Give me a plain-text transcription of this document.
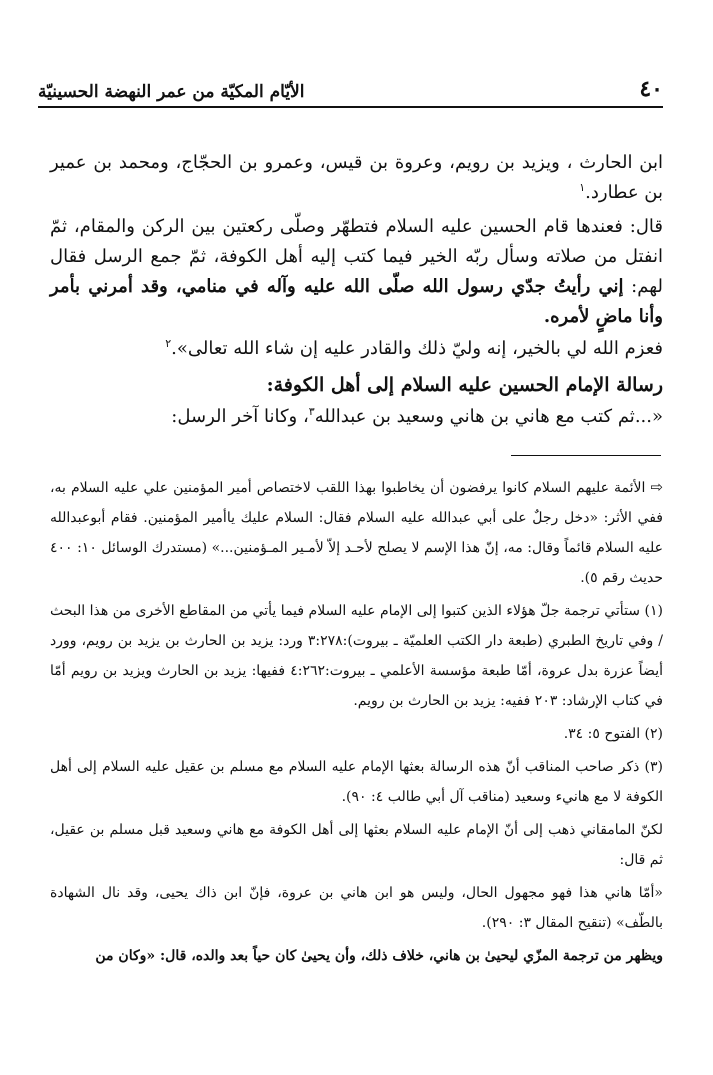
٤٠
الأيّام المكيّة من عمر النهضة الحسينيّة

ابن الحارث ، ويزيد بن رويم، وعروة بن قيس، وعمرو بن الحجّاج، ومحمد بن عمير بن عطارد.$^١$

قال: فعندها قام الحسين عليه السلام فتطهّر وصلّى ركعتين بين الركن والمقام، ثمّ انفتل من صلاته وسأل ربّه الخير فيما كتب إليه أهل الكوفة، ثمّ جمع الرسل فقال لهم: إني رأيتُ جدّي رسول الله صلّى الله عليه وآله في منامي، وقد أمرني بأمر وأنا ماضٍ لأمره.

فعزم الله لي بالخير، إنه وليّ ذلك والقادر عليه إن شاء الله تعالى».$^٢$

رسالة الإمام الحسين عليه السلام إلى أهل الكوفة:

«...ثم كتب مع هاني بن هاني وسعيد بن عبدالله$^٣$، وكانا آخر الرسل:

⇨ الأئمة عليهم السلام كانوا يرفضون أن يخاطبوا بهذا اللقب لاختصاص أمير المؤمنين علي عليه السلام به، ففي الأثر: «دخل رجلٌ على أبي عبدالله عليه السلام فقال: السلام عليك ياأمير المؤمنين. فقام أبوعبدالله عليه السلام قائماً وقال: مه، إنّ هذا الإسم لا يصلح لأحـد إلاّ لأمـير المـؤمنين...» (مستدرك الوسائل ١٠: ٤٠٠ حديث رقم ٥).

(١) ستأتي ترجمة جلّ هؤلاء الذين كتبوا إلى الإمام عليه السلام فيما يأتي من المقاطع الأخرى من هذا البحث / وفي تاريخ الطبري (طبعة دار الكتب العلميّة ـ بيروت):٣:٢٧٨ ورد: يزيد بن الحارث بن يزيد بن رويم، وورد أيضاً عزرة بدل عروة، أمّا طبعة مؤسسة الأعلمي ـ بيروت:٤:٢٦٢ ففيها: يزيد بن الحارث ويزيد بن رويم أمّا في كتاب الإرشاد: ٢٠٣ ففيه: يزيد بن الحارث بن رويم.

(٢) الفتوح ٥: ٣٤.

(٣) ذكر صاحب المناقب أنّ هذه الرسالة بعثها الإمام عليه السلام مع مسلم بن عقيل عليه السلام إلى أهل الكوفة لا مع هانيء وسعيد (مناقب آل أبي طالب ٤: ٩٠).

لكنّ المامقاني ذهب إلى أنّ الإمام عليه السلام بعثها إلى أهل الكوفة مع هاني وسعيد قبل مسلم بن عقيل، ثم قال:

«أمّا هاني هذا فهو مجهول الحال، وليس هو ابن هاني بن عروة، فإنّ ابن ذاك يحيى، وقد نال الشهادة بالطّف» (تنقيح المقال ٣: ٢٩٠).

ويظهر من ترجمة المزّي ليحيىٰ بن هاني، خلاف ذلك، وأن يحيىٰ كان حياً بعد والده، قال: «وكان من
